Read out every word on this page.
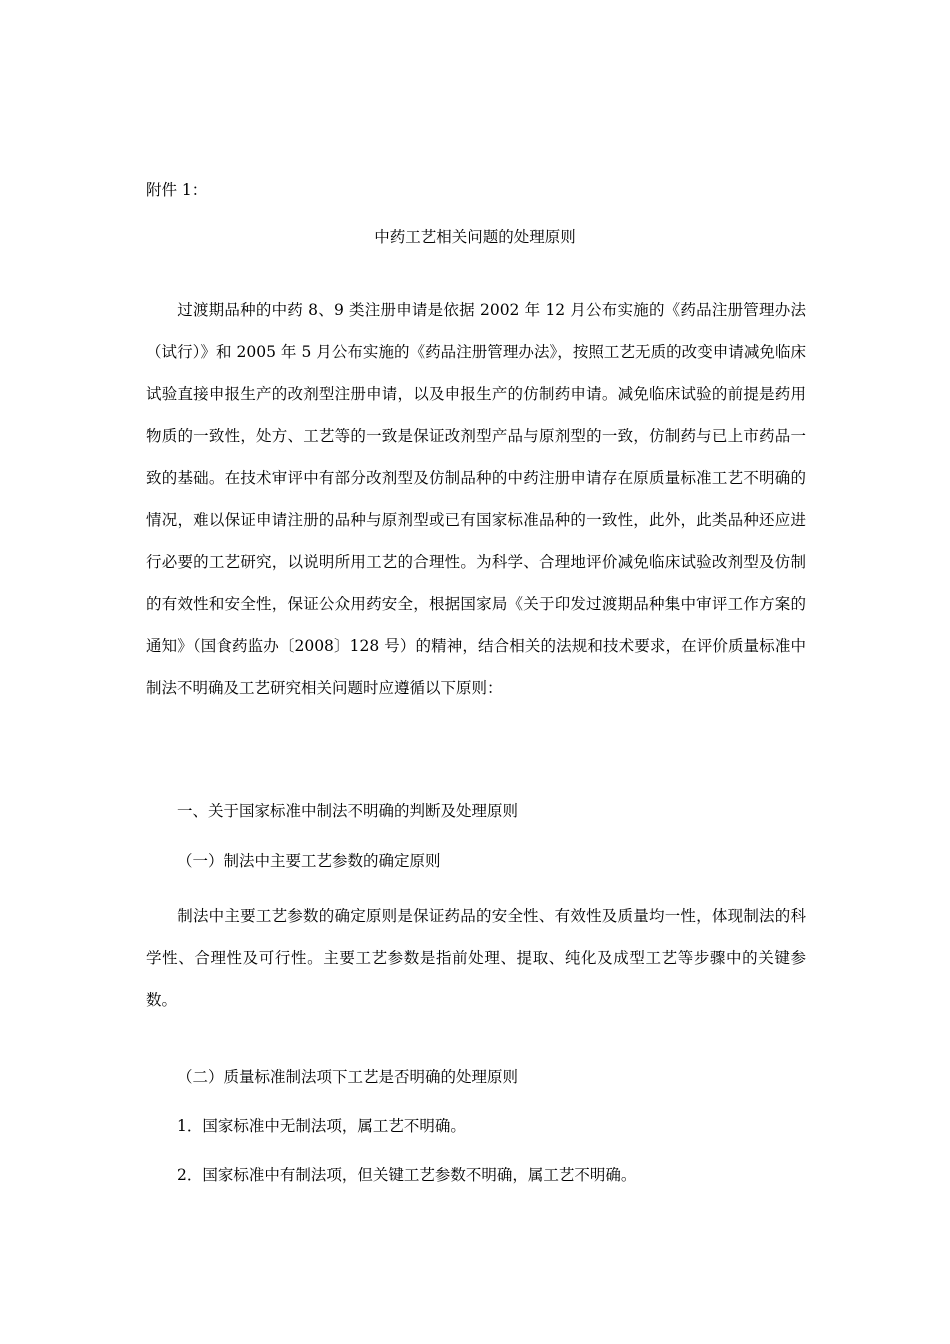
附件 1：
中药工艺相关问题的处理原则
过渡期品种的中药 8、9 类注册申请是依据 2002 年 12 月公布实施的《药品注册管理办法（试行）》和 2005 年 5 月公布实施的《药品注册管理办法》，按照工艺无质的改变申请减免临床试验直接申报生产的改剂型注册申请，以及申报生产的仿制药申请。减免临床试验的前提是药用物质的一致性，处方、工艺等的一致是保证改剂型产品与原剂型的一致，仿制药与已上市药品一致的基础。在技术审评中有部分改剂型及仿制品种的中药注册申请存在原质量标准工艺不明确的情况，难以保证申请注册的品种与原剂型或已有国家标准品种的一致性，此外，此类品种还应进行必要的工艺研究，以说明所用工艺的合理性。为科学、合理地评价减免临床试验改剂型及仿制的有效性和安全性，保证公众用药安全，根据国家局《关于印发过渡期品种集中审评工作方案的通知》（国食药监办〔2008〕128 号）的精神，结合相关的法规和技术要求，在评价质量标准中制法不明确及工艺研究相关问题时应遵循以下原则：
一、关于国家标准中制法不明确的判断及处理原则
（一）制法中主要工艺参数的确定原则
制法中主要工艺参数的确定原则是保证药品的安全性、有效性及质量均一性，体现制法的科学性、合理性及可行性。主要工艺参数是指前处理、提取、纯化及成型工艺等步骤中的关键参数。
（二）质量标准制法项下工艺是否明确的处理原则
1．国家标准中无制法项，属工艺不明确。
2．国家标准中有制法项，但关键工艺参数不明确，属工艺不明确。
